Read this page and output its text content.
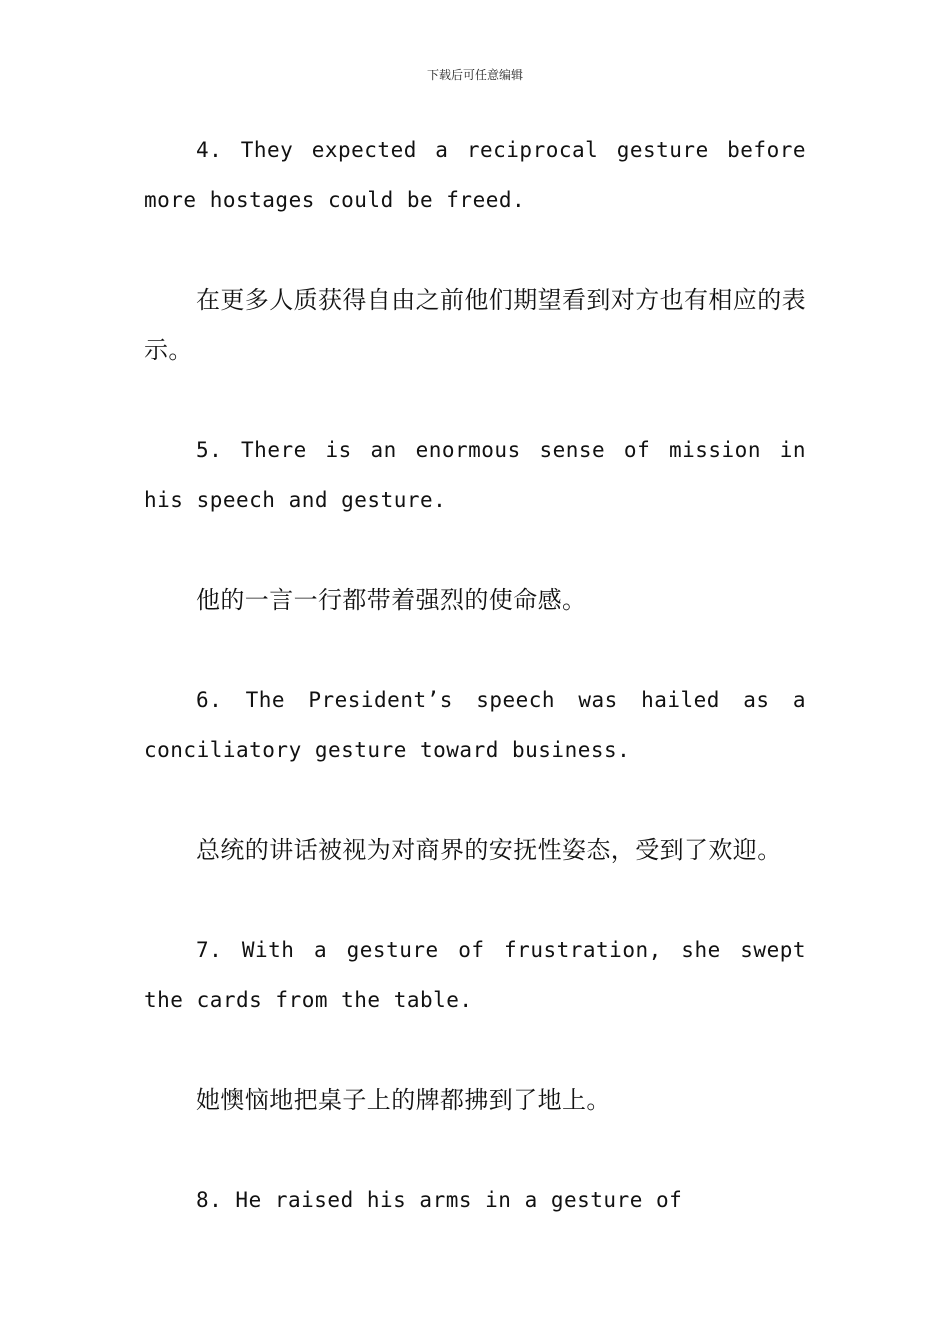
下载后可任意编辑

4. They expected a reciprocal gesture before more hostages could be freed.

在更多人质获得自由之前他们期望看到对方也有相应的表示。

5. There is an enormous sense of mission in his speech and gesture.

他的一言一行都带着强烈的使命感。

6. The President’s speech was hailed as a conciliatory gesture toward business.

总统的讲话被视为对商界的安抚性姿态，受到了欢迎。

7. With a gesture of frustration, she swept the cards from the table.

她懊恼地把桌子上的牌都拂到了地上。

8. He raised his arms in a gesture of
